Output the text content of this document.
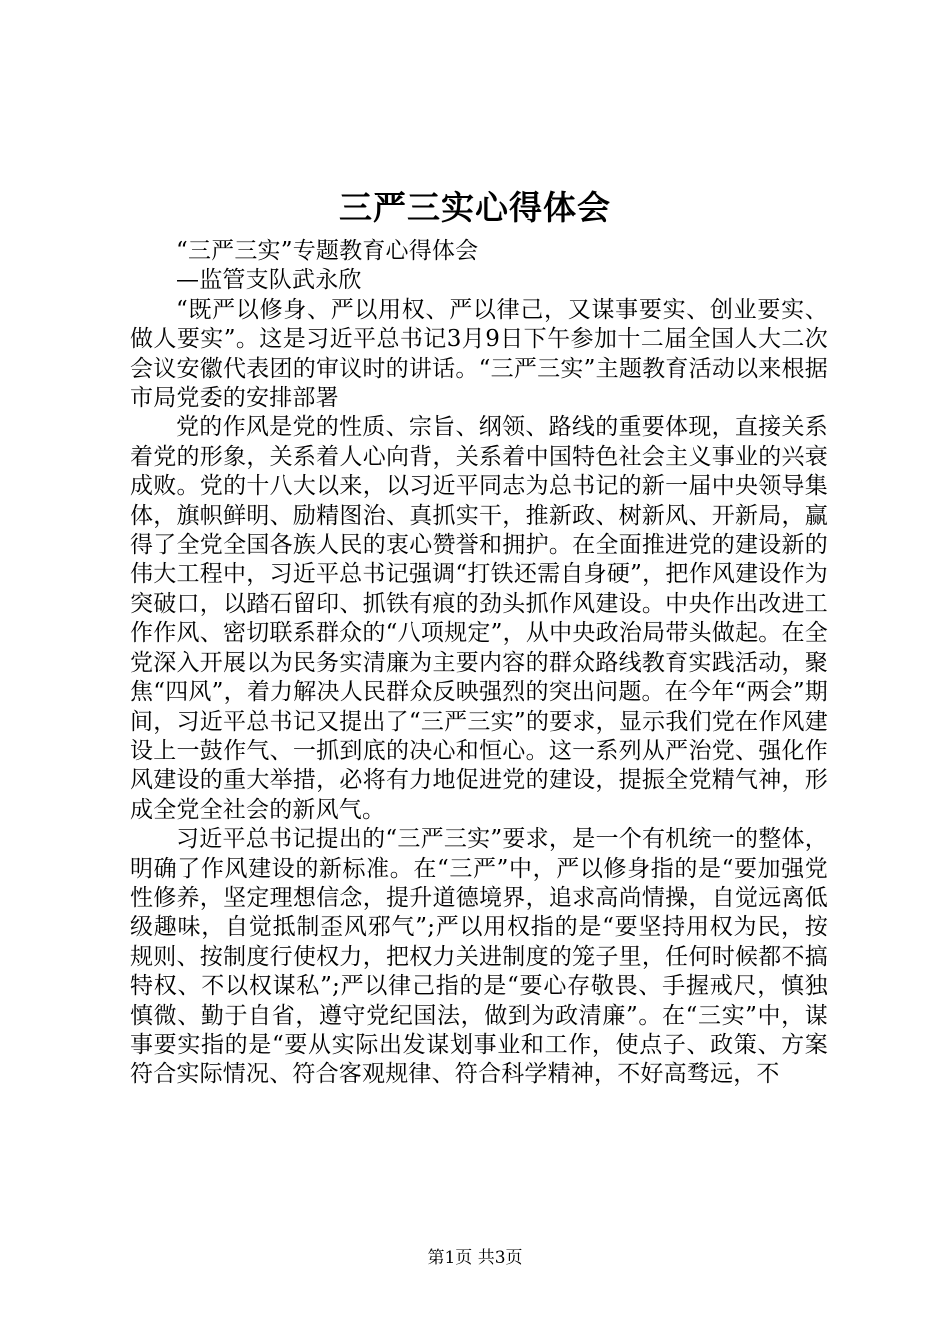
三严三实心得体会

“三严三实”专题教育心得体会

—监管支队武永欣

“既严以修身、严以用权、严以律己，又谋事要实、创业要实、做人要实”。这是习近平总书记3月9日下午参加十二届全国人大二次会议安徽代表团的审议时的讲话。“三严三实”主题教育活动以来根据市局党委的安排部署

党的作风是党的性质、宗旨、纲领、路线的重要体现，直接关系着党的形象，关系着人心向背，关系着中国特色社会主义事业的兴衰成败。党的十八大以来，以习近平同志为总书记的新一届中央领导集体，旗帜鲜明、励精图治、真抓实干，推新政、树新风、开新局，赢得了全党全国各族人民的衷心赞誉和拥护。在全面推进党的建设新的伟大工程中，习近平总书记强调“打铁还需自身硬”，把作风建设作为突破口，以踏石留印、抓铁有痕的劲头抓作风建设。中央作出改进工作作风、密切联系群众的“八项规定”，从中央政治局带头做起。在全党深入开展以为民务实清廉为主要内容的群众路线教育实践活动，聚焦“四风”，着力解决人民群众反映强烈的突出问题。在今年“两会”期间，习近平总书记又提出了“三严三实”的要求，显示我们党在作风建设上一鼓作气、一抓到底的决心和恒心。这一系列从严治党、强化作风建设的重大举措，必将有力地促进党的建设，提振全党精气神，形成全党全社会的新风气。

习近平总书记提出的“三严三实”要求，是一个有机统一的整体，明确了作风建设的新标准。在“三严”中，严以修身指的是“要加强党性修养，坚定理想信念，提升道德境界，追求高尚情操，自觉远离低级趣味，自觉抵制歪风邪气”;严以用权指的是“要坚持用权为民，按规则、按制度行使权力，把权力关进制度的笼子里，任何时候都不搞特权、不以权谋私”;严以律己指的是“要心存敬畏、手握戒尺，慎独慎微、勤于自省，遵守党纪国法，做到为政清廉”。在“三实”中，谋事要实指的是“要从实际出发谋划事业和工作，使点子、政策、方案符合实际情况、符合客观规律、符合科学精神，不好高骛远，不

第1页 共3页
